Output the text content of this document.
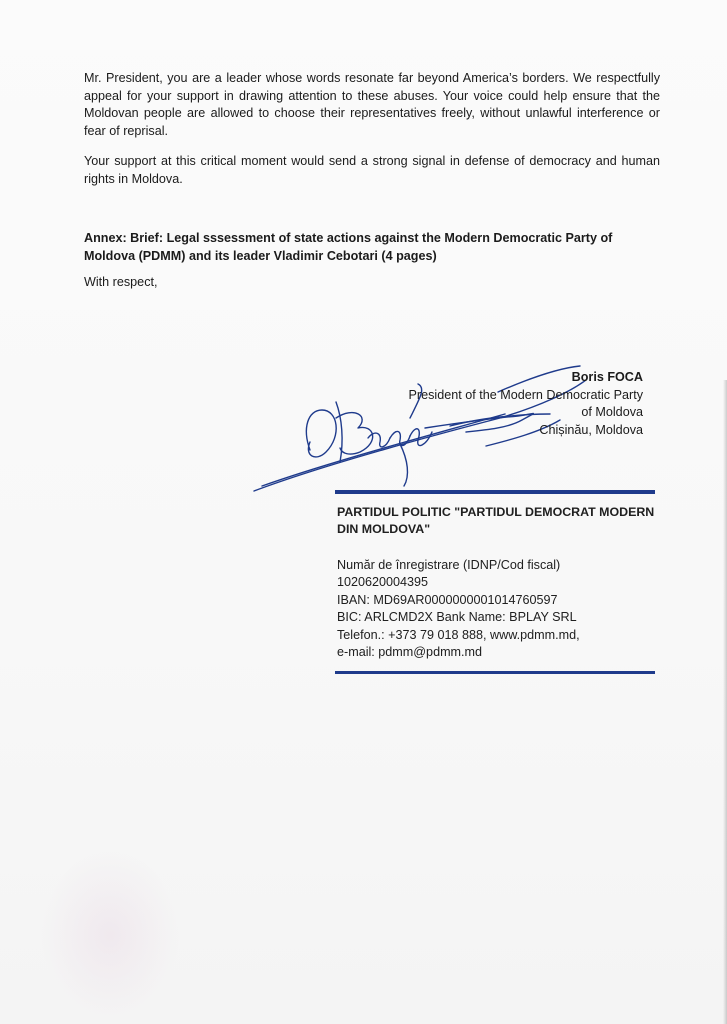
Mr. President, you are a leader whose words resonate far beyond America’s borders. We respectfully appeal for your support in drawing attention to these abuses. Your voice could help ensure that the Moldovan people are allowed to choose their representatives freely, without unlawful interference or fear of reprisal.

Your support at this critical moment would send a strong signal in defense of democracy and human rights in Moldova.

Annex: Brief: Legal sssessment of state actions against the Modern Democratic Party of Moldova (PDMM) and its leader Vladimir Cebotari (4 pages)

With respect,

Boris FOCA
President of the Modern Democratic Party
of Moldova
Chișinău, Moldova
PARTIDUL POLITIC "PARTIDUL DEMOCRAT MODERN DIN MOLDOVA"
Număr de înregistrare (IDNP/Cod fiscal)
1020620004395
IBAN: MD69AR0000000001014760597
BIC: ARLCMD2X Bank Name: BPLAY SRL
Telefon.: +373 79 018 888, www.pdmm.md,
e-mail: pdmm@pdmm.md
